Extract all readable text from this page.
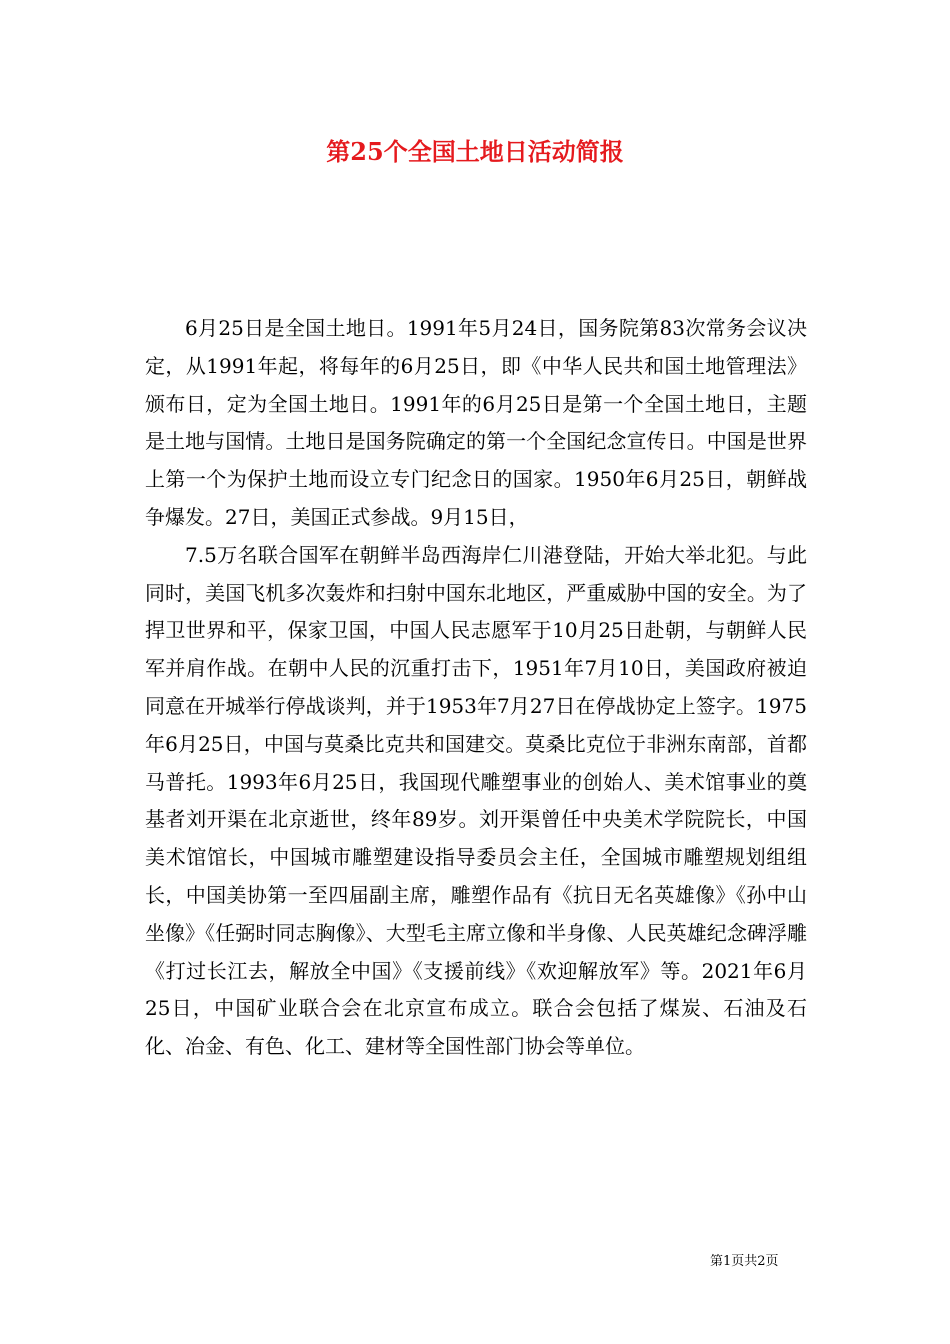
第25个全国土地日活动简报

6月25日是全国土地日。1991年5月24日，国务院第83次常务会议决定，从1991年起，将每年的6月25日，即《中华人民共和国土地管理法》颁布日，定为全国土地日。1991年的6月25日是第一个全国土地日，主题是土地与国情。土地日是国务院确定的第一个全国纪念宣传日。中国是世界上第一个为保护土地而设立专门纪念日的国家。1950年6月25日，朝鲜战争爆发。27日，美国正式参战。9月15日，

7.5万名联合国军在朝鲜半岛西海岸仁川港登陆，开始大举北犯。与此同时，美国飞机多次轰炸和扫射中国东北地区，严重威胁中国的安全。为了捍卫世界和平，保家卫国，中国人民志愿军于10月25日赴朝，与朝鲜人民军并肩作战。在朝中人民的沉重打击下，1951年7月10日，美国政府被迫同意在开城举行停战谈判，并于1953年7月27日在停战协定上签字。1975年6月25日，中国与莫桑比克共和国建交。莫桑比克位于非洲东南部，首都马普托。1993年6月25日，我国现代雕塑事业的创始人、美术馆事业的奠基者刘开渠在北京逝世，终年89岁。刘开渠曾任中央美术学院院长，中国美术馆馆长，中国城市雕塑建设指导委员会主任，全国城市雕塑规划组组长，中国美协第一至四届副主席，雕塑作品有《抗日无名英雄像》《孙中山坐像》《任弼时同志胸像》、大型毛主席立像和半身像、人民英雄纪念碑浮雕《打过长江去，解放全中国》《支援前线》《欢迎解放军》等。2021年6月25日，中国矿业联合会在北京宣布成立。联合会包括了煤炭、石油及石化、冶金、有色、化工、建材等全国性部门协会等单位。

第1页共2页
